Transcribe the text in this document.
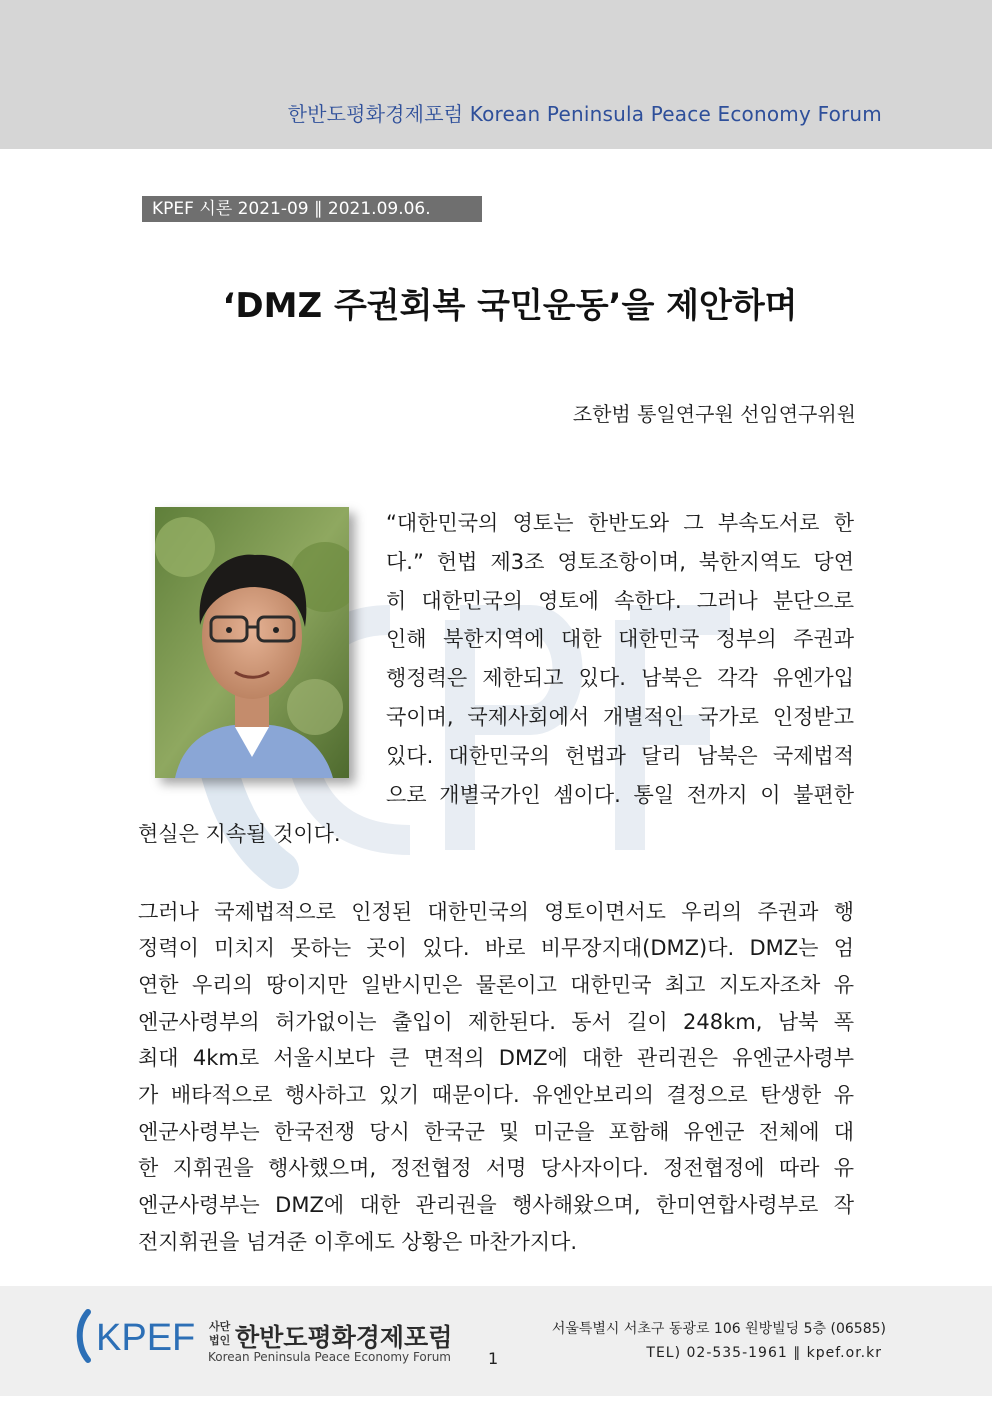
한반도평화경제포럼 Korean Peninsula Peace Economy Forum
KPEF 시론 2021-09 ∥ 2021.09.06.
‘DMZ 주권회복 국민운동’을 제안하며
조한범 통일연구원 선임연구위원
“대한민국의 영토는 한반도와 그 부속도서로 한
다.” 헌법 제3조 영토조항이며, 북한지역도 당연
히 대한민국의 영토에 속한다. 그러나 분단으로
인해 북한지역에 대한 대한민국 정부의 주권과
행정력은 제한되고 있다. 남북은 각각 유엔가입
국이며, 국제사회에서 개별적인 국가로 인정받고
있다. 대한민국의 헌법과 달리 남북은 국제법적
으로 개별국가인 셈이다. 통일 전까지 이 불편한
현실은 지속될 것이다.
그러나 국제법적으로 인정된 대한민국의 영토이면서도 우리의 주권과 행
정력이 미치지 못하는 곳이 있다. 바로 비무장지대(DMZ)다. DMZ는 엄
연한 우리의 땅이지만 일반시민은 물론이고 대한민국 최고 지도자조차 유
엔군사령부의 허가없이는 출입이 제한된다. 동서 길이 248km, 남북 폭
최대 4km로 서울시보다 큰 면적의 DMZ에 대한 관리권은 유엔군사령부
가 배타적으로 행사하고 있기 때문이다. 유엔안보리의 결정으로 탄생한 유
엔군사령부는 한국전쟁 당시 한국군 및 미군을 포함해 유엔군 전체에 대
한 지휘권을 행사했으며, 정전협정 서명 당사자이다. 정전협정에 따라 유
엔군사령부는 DMZ에 대한 관리권을 행사해왔으며, 한미연합사령부로 작
전지휘권을 넘겨준 이후에도 상황은 마찬가지다.
KPEF 사단
법인 한반도평화경제포럼
Korean Peninsula Peace Economy Forum 1
서울특별시 서초구 동광로 106 원방빌딩 5층 (06585)
TEL) 02-535-1961 ∥ kpef.or.kr
